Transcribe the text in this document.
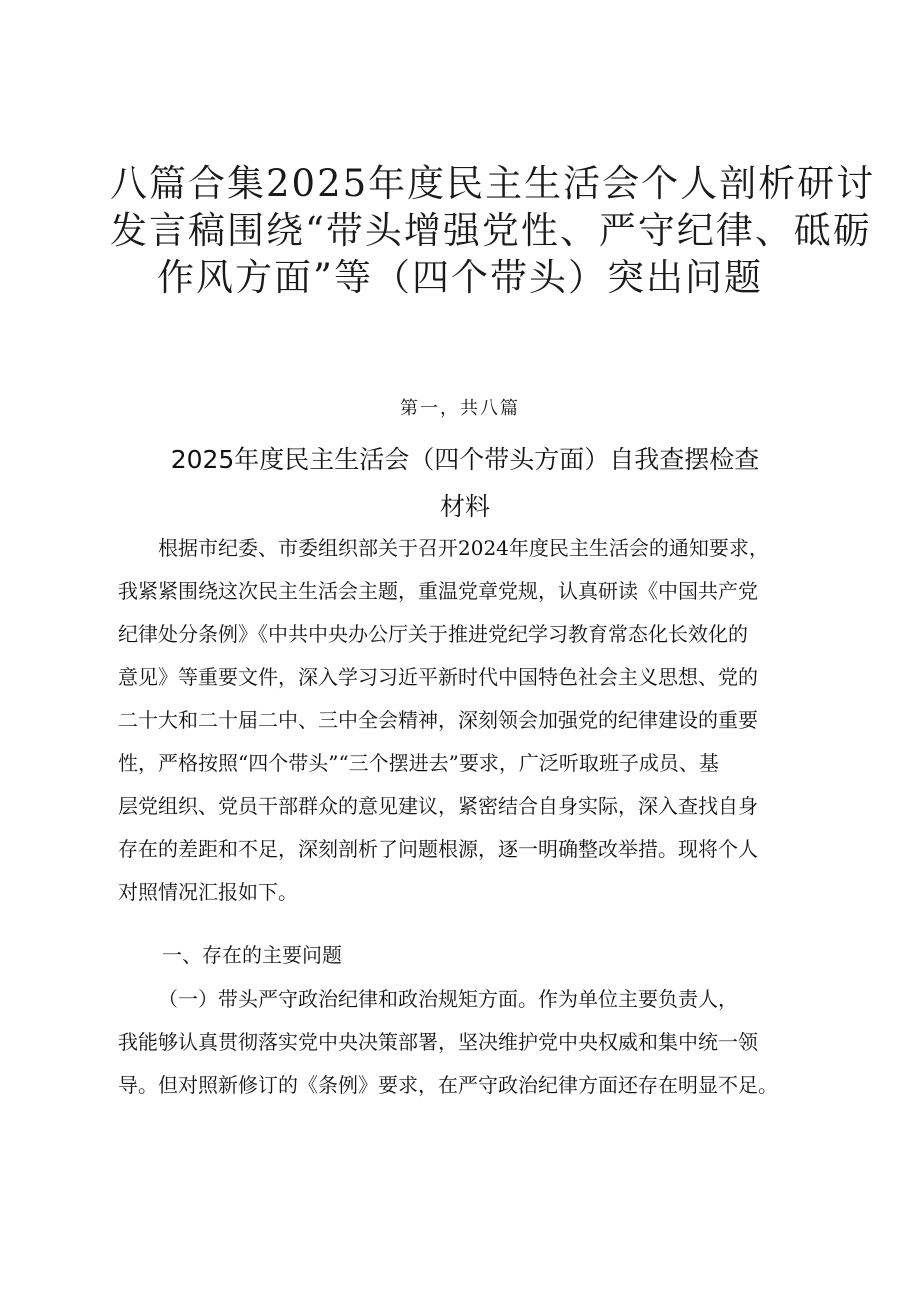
八篇合集2025年度民主生活会个人剖析研讨
发言稿围绕“带头增强党性、严守纪律、砥砺
作风方面”等（四个带头）突出问题
第一，共八篇
2025年度民主生活会（四个带头方面）自我查摆检查
材料
根据市纪委、市委组织部关于召开2024年度民主生活会的通知要求，
我紧紧围绕这次民主生活会主题，重温党章党规，认真研读《中国共产党
纪律处分条例》《中共中央办公厅关于推进党纪学习教育常态化长效化的
意见》等重要文件，深入学习习近平新时代中国特色社会主义思想、党的
二十大和二十届二中、三中全会精神，深刻领会加强党的纪律建设的重要
性，严格按照“四个带头”“三个摆进去”要求，广泛听取班子成员、基
层党组织、党员干部群众的意见建议，紧密结合自身实际，深入查找自身
存在的差距和不足，深刻剖析了问题根源，逐一明确整改举措。现将个人
对照情况汇报如下。
一、存在的主要问题
（一）带头严守政治纪律和政治规矩方面。作为单位主要负责人，
我能够认真贯彻落实党中央决策部署，坚决维护党中央权威和集中统一领
导。但对照新修订的《条例》要求，在严守政治纪律方面还存在明显不足。
